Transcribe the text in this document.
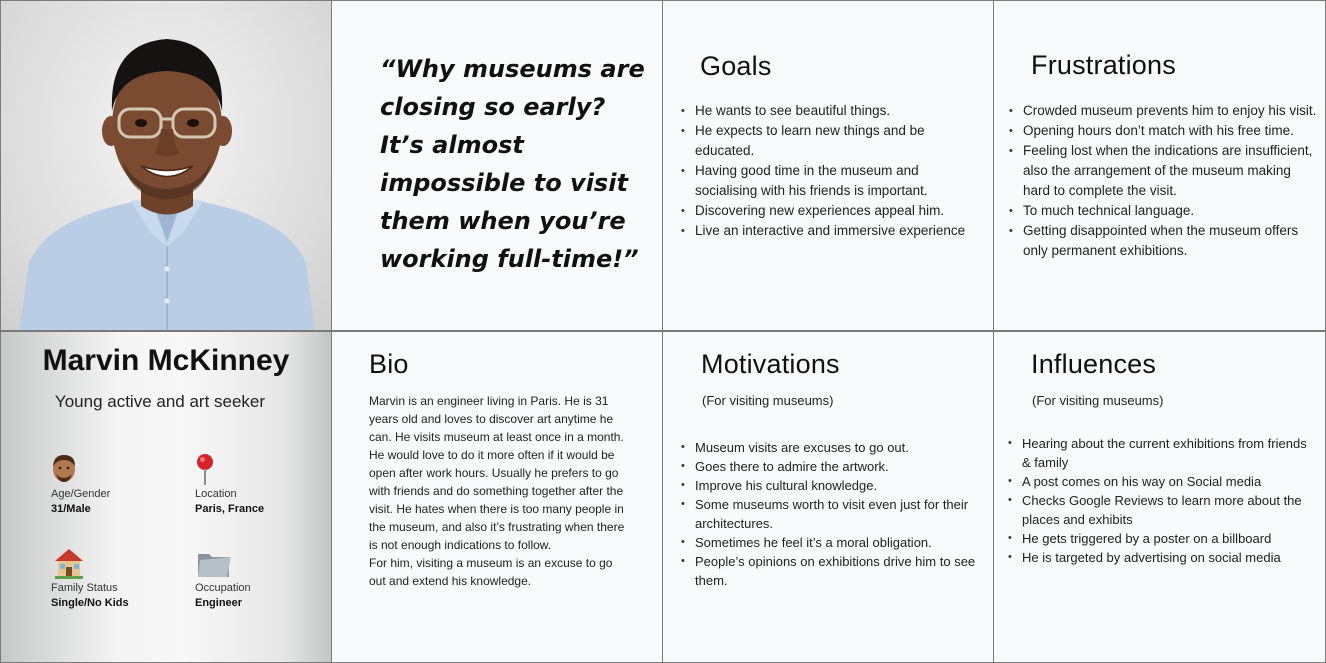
Marvin McKinney
Young active and art seeker
Age/Gender
31/Male
Location
Paris, France
Family Status
Single/No Kids
Occupation
Engineer
“Why museums are closing so early? It’s almost impossible to visit them when you’re working full-time!”
Goals
• He wants to see beautiful things.
• He expects to learn new things and be educated.
• Having good time in the museum and socialising with his friends is important.
• Discovering new experiences appeal him.
• Live an interactive and immersive experience
Frustrations
• Crowded museum prevents him to enjoy his visit.
• Opening hours don’t match with his free time.
• Feeling lost when the indications are insufficient, also the arrangement of the museum making hard to complete the visit.
• To much technical language.
• Getting disappointed when the museum offers only permanent exhibitions.
Bio

Marvin is an engineer living in Paris. He is 31 years old and loves to discover art anytime he can. He visits museum at least once in a month. He would love to do it more often if it would be open after work hours. Usually he prefers to go with friends and do something together after the visit. He hates when there is too many people in the museum, and also it’s frustrating when there is not enough indications to follow.

For him, visiting a museum is an excuse to go out and extend his knowledge.

Motivations
(For visiting museums)
• Museum visits are excuses to go out.
• Goes there to admire the artwork.
• Improve his cultural knowledge.
• Some museums worth to visit even just for their architectures.
• Sometimes he feel it’s a moral obligation.
• People’s opinions on exhibitions drive him to see them.
Influences
(For visiting museums)
• Hearing about the current exhibitions from friends & family
• A post comes on his way on Social media
• Checks Google Reviews to learn more about the places and exhibits
• He gets triggered by a poster on a billboard
• He is targeted by advertising on social media
